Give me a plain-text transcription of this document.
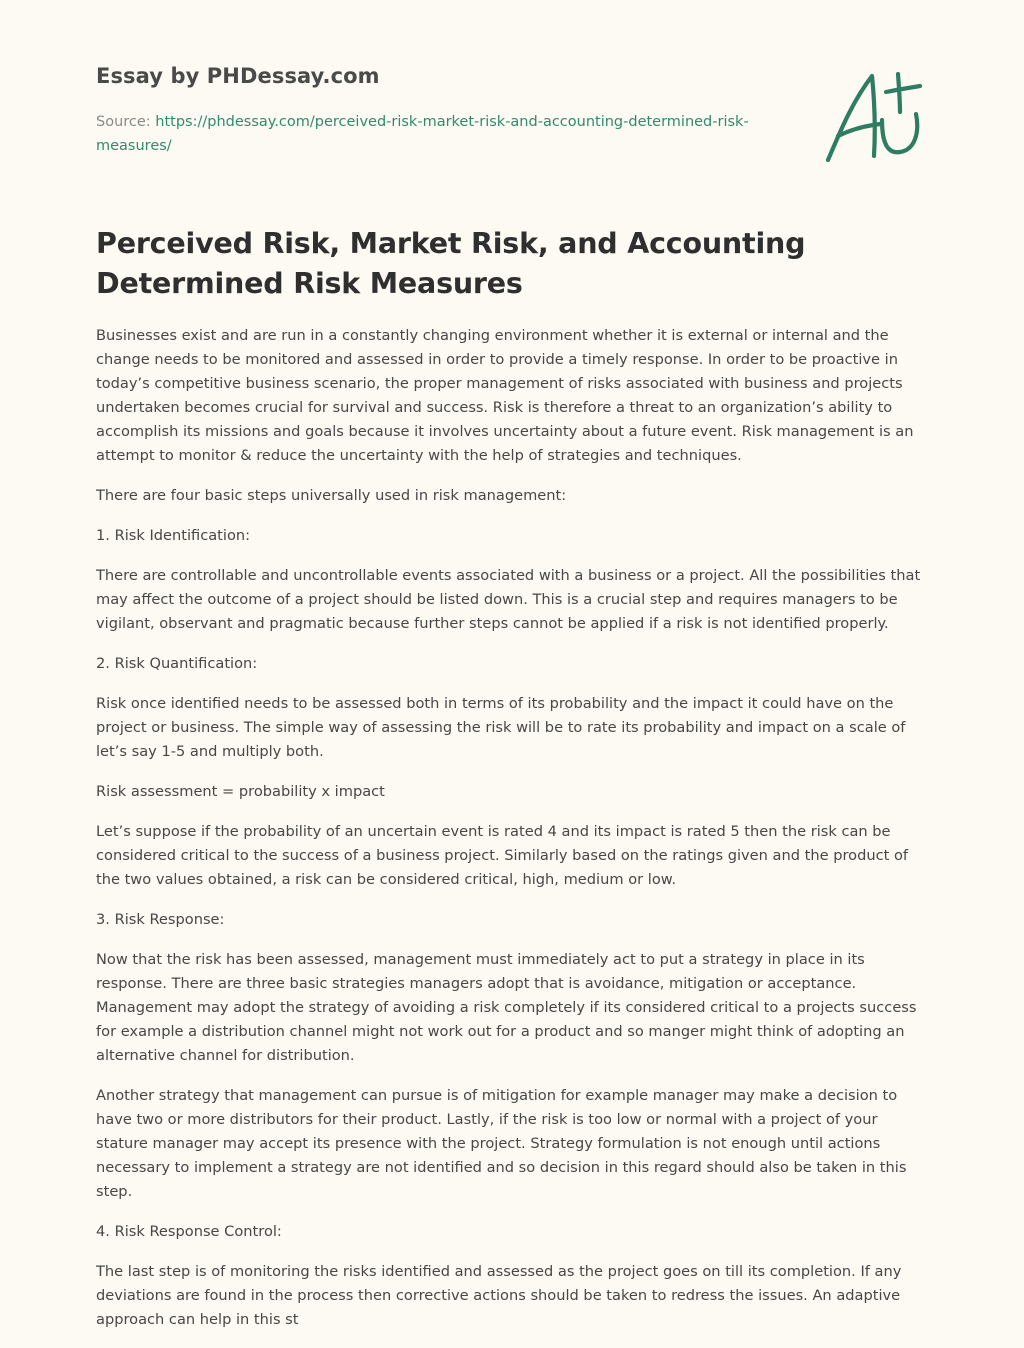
Essay by PHDessay.com
Source: https://phdessay.com/perceived-risk-market-risk-and-accounting-determined-risk-measures/
Perceived Risk, Market Risk, and Accounting Determined Risk Measures

Businesses exist and are run in a constantly changing environment whether it is external or internal and the change needs to be monitored and assessed in order to provide a timely response. In order to be proactive in today’s competitive business scenario, the proper management of risks associated with business and projects undertaken becomes crucial for survival and success. Risk is therefore a threat to an organization’s ability to accomplish its missions and goals because it involves uncertainty about a future event. Risk management is an attempt to monitor & reduce the uncertainty with the help of strategies and techniques.

There are four basic steps universally used in risk management:

1. Risk Identification:

There are controllable and uncontrollable events associated with a business or a project. All the possibilities that may affect the outcome of a project should be listed down. This is a crucial step and requires managers to be vigilant, observant and pragmatic because further steps cannot be applied if a risk is not identified properly.

2. Risk Quantification:

Risk once identified needs to be assessed both in terms of its probability and the impact it could have on the project or business. The simple way of assessing the risk will be to rate its probability and impact on a scale of let’s say 1-5 and multiply both.

Risk assessment = probability x impact

Let’s suppose if the probability of an uncertain event is rated 4 and its impact is rated 5 then the risk can be considered critical to the success of a business project. Similarly based on the ratings given and the product of the two values obtained, a risk can be considered critical, high, medium or low.

3. Risk Response:

Now that the risk has been assessed, management must immediately act to put a strategy in place in its response. There are three basic strategies managers adopt that is avoidance, mitigation or acceptance. Management may adopt the strategy of avoiding a risk completely if its considered critical to a projects success for example a distribution channel might not work out for a product and so manger might think of adopting an alternative channel for distribution.

Another strategy that management can pursue is of mitigation for example manager may make a decision to have two or more distributors for their product. Lastly, if the risk is too low or normal with a project of your stature manager may accept its presence with the project. Strategy formulation is not enough until actions necessary to implement a strategy are not identified and so decision in this regard should also be taken in this step.

4. Risk Response Control:

The last step is of monitoring the risks identified and assessed as the project goes on till its completion. If any deviations are found in the process then corrective actions should be taken to redress the issues. An adaptive approach can help in this st
